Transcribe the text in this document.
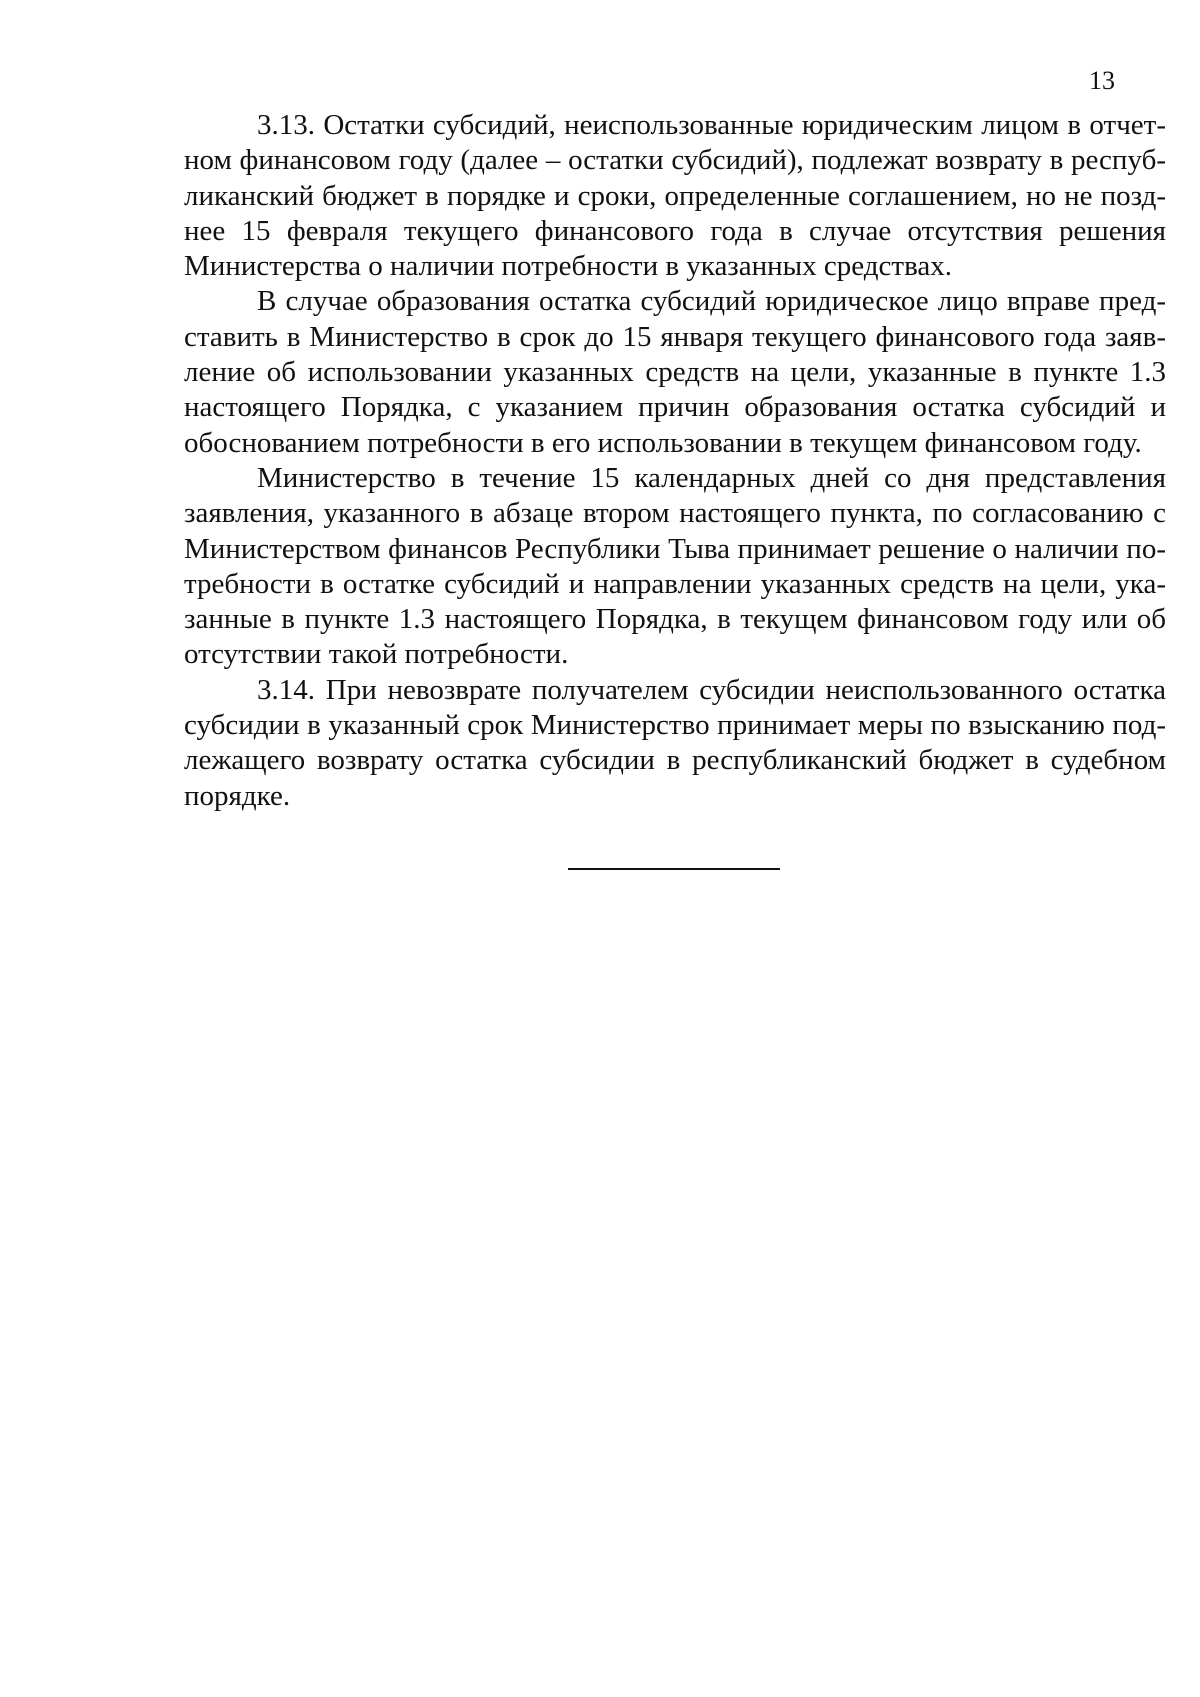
13

3.13. Остатки субсидий, неиспользованные юридическим лицом в отчетном финансовом году (далее – остатки субсидий), подлежат возврату в республиканский бюджет в порядке и сроки, определенные соглашением, но не позднее 15 февраля текущего финансового года в случае отсутствия решения Министерства о наличии потребности в указанных средствах.

В случае образования остатка субсидий юридическое лицо вправе представить в Министерство в срок до 15 января текущего финансового года заявление об использовании указанных средств на цели, указанные в пункте 1.3 настоящего Порядка, с указанием причин образования остатка субсидий и обоснованием потребности в его использовании в текущем финансовом году.

Министерство в течение 15 календарных дней со дня представления заявления, указанного в абзаце втором настоящего пункта, по согласованию с Министерством финансов Республики Тыва принимает решение о наличии потребности в остатке субсидий и направлении указанных средств на цели, указанные в пункте 1.3 настоящего Порядка, в текущем финансовом году или об отсутствии такой потребности.

3.14. При невозврате получателем субсидии неиспользованного остатка субсидии в указанный срок Министерство принимает меры по взысканию подлежащего возврату остатка субсидии в республиканский бюджет в судебном порядке.
